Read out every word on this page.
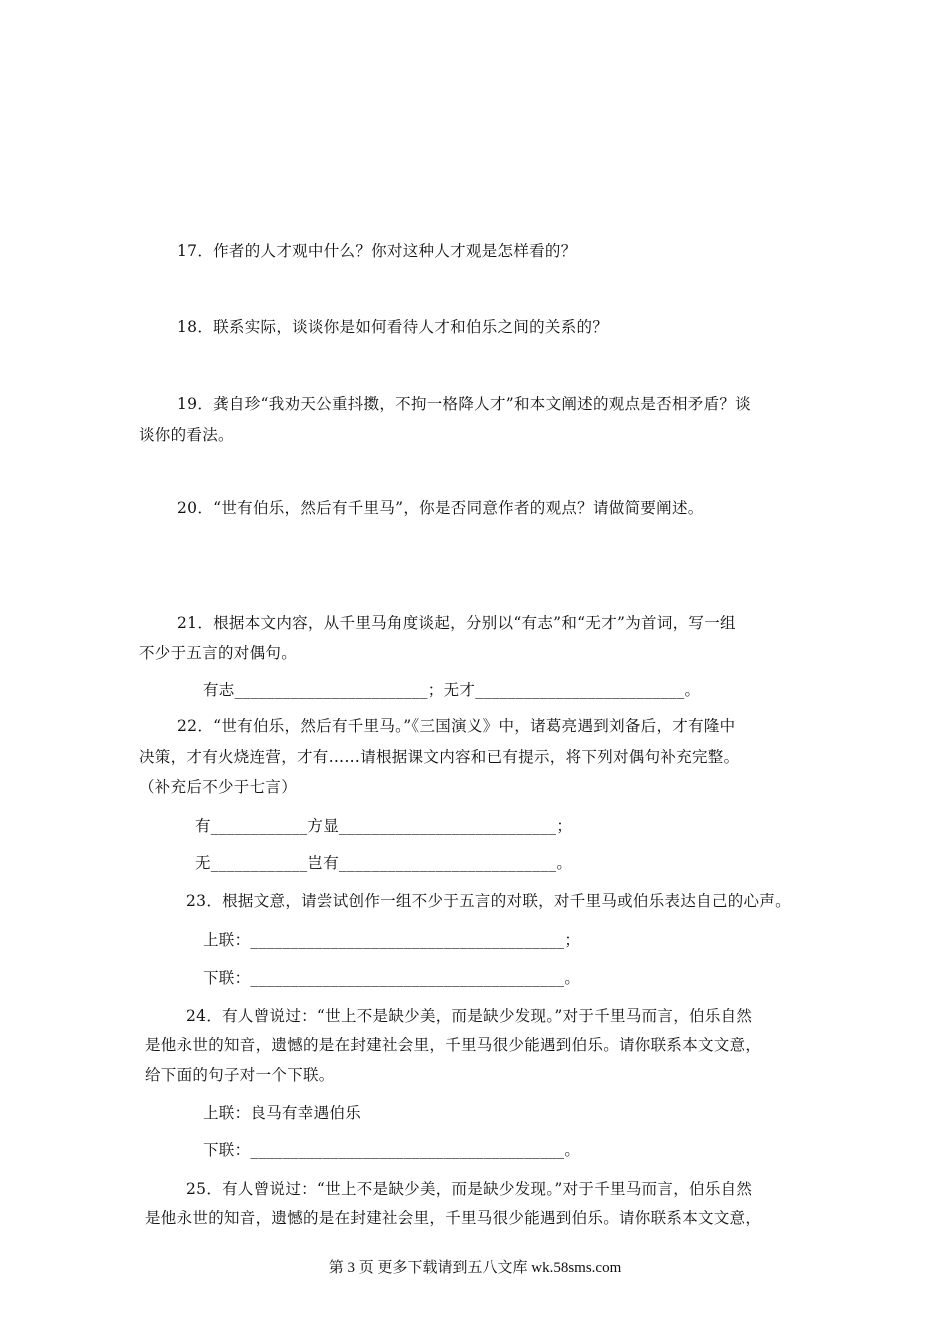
17．作者的人才观中什么？你对这种人才观是怎样看的？
18．联系实际，谈谈你是如何看待人才和伯乐之间的关系的？
19．龚自珍“我劝天公重抖擞，不拘一格降人才”和本文阐述的观点是否相矛盾？谈
谈你的看法。
20．“世有伯乐，然后有千里马”，你是否同意作者的观点？请做简要阐述。
21．根据本文内容，从千里马角度谈起，分别以“有志”和“无才”为首词，写一组
不少于五言的对偶句。
有志________________________；无才__________________________。
22．“世有伯乐，然后有千里马。”《三国演义》中，诸葛亮遇到刘备后，才有隆中
决策，才有火烧连营，才有……请根据课文内容和已有提示，将下列对偶句补充完整。
（补充后不少于七言）
有____________方显___________________________；
无____________岂有___________________________。
23．根据文意，请尝试创作一组不少于五言的对联，对千里马或伯乐表达自己的心声。
上联：_______________________________________；
下联：_______________________________________。
24．有人曾说过：“世上不是缺少美，而是缺少发现。”对于千里马而言，伯乐自然
是他永世的知音，遗憾的是在封建社会里，千里马很少能遇到伯乐。请你联系本文文意，
给下面的句子对一个下联。
上联：良马有幸遇伯乐
下联：_______________________________________。
25．有人曾说过：“世上不是缺少美，而是缺少发现。”对于千里马而言，伯乐自然
是他永世的知音，遗憾的是在封建社会里，千里马很少能遇到伯乐。请你联系本文文意，
第 3 页 更多下载请到五八文库 wk.58sms.com
